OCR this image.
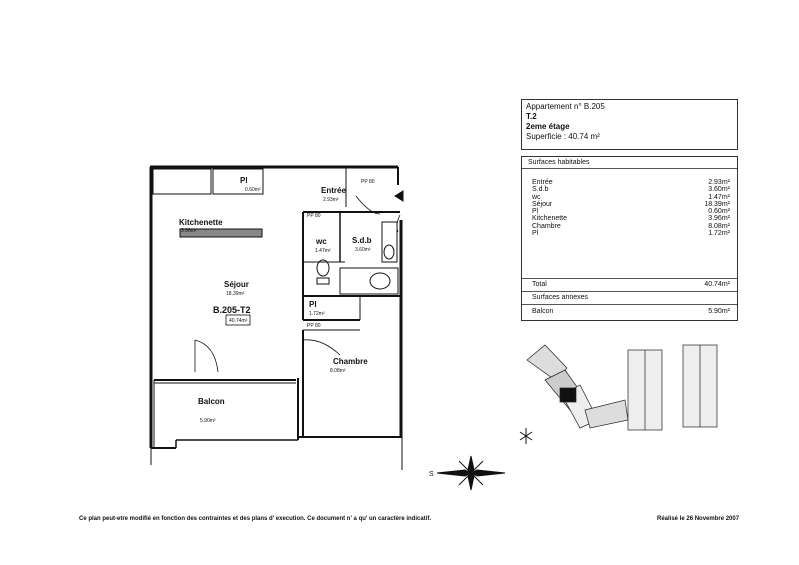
Pl
0.60m²	Entrée
2.93m²
Kitchenette
3.96m²
wc
1.47m²
S.d.b
3.60m²
Séjour
18.39m²
B.205-T2
40.74m²
Pl
1.72m²
Chambre
8.08m²
Balcon
5.90m²
PP 80
PP 80
PP 80
S
Appartement n° B.205
T.2
2eme étage
Superficie : 40.74 m²
Surfaces habitables
Entrée	2.93m²
S.d.b	3.60m²
wc	1.47m²
Séjour	18.39m²
Pl	0.60m²
Kitchenette	3.96m²
Chambre	8.08m²
Pl	1.72m²
Total	40.74m²
Surfaces annexes
Balcon	5.90m²
Ce plan peut-etre modifié en fonction des contraintes et des plans d' execution. Ce document n' a qu' un caractère indicatif.	Réalisé le 26 Novembre 2007
